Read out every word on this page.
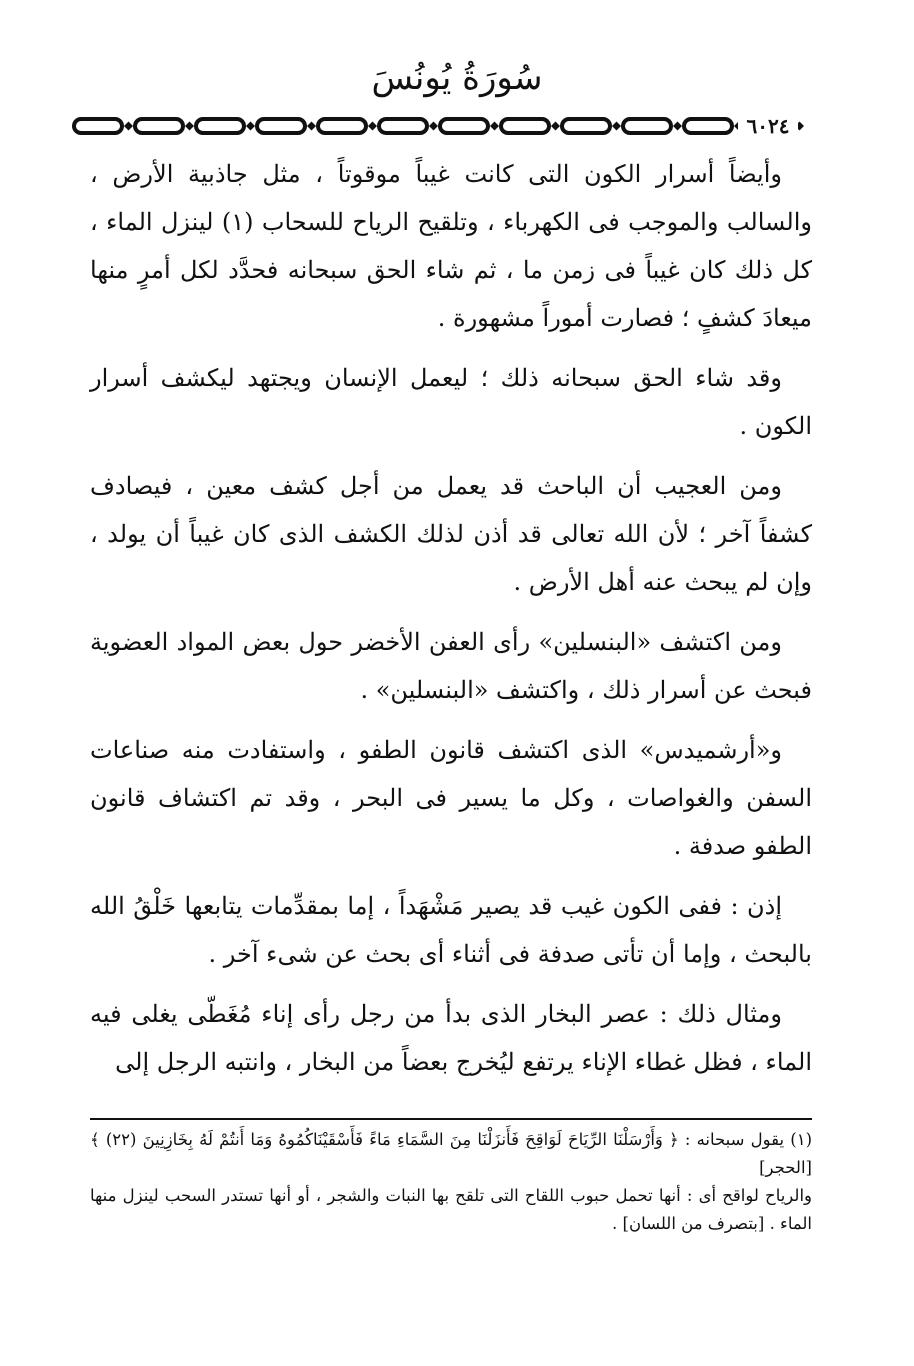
سُورَةُ يُونُسَ
٦٠٢٤

وأيضاً أسرار الكون التى كانت غيباً موقوتاً ، مثل جاذبية الأرض ، والسالب والموجب فى الكهرباء ، وتلقيح الرياح للسحاب (١) لينزل الماء ، كل ذلك كان غيباً فى زمن ما ، ثم شاء الحق سبحانه فحدَّد لكل أمرٍ منها ميعادَ كشفٍ ؛ فصارت أموراً مشهورة .

وقد شاء الحق سبحانه ذلك ؛ ليعمل الإنسان ويجتهد ليكشف أسرار الكون .

ومن العجيب أن الباحث قد يعمل من أجل كشف معين ، فيصادف كشفاً آخر ؛ لأن الله تعالى قد أذن لذلك الكشف الذى كان غيباً أن يولد ، وإن لم يبحث عنه أهل الأرض .

ومن اكتشف «البنسلين» رأى العفن الأخضر حول بعض المواد العضوية فبحث عن أسرار ذلك ، واكتشف «البنسلين» .

و«أرشميدس» الذى اكتشف قانون الطفو ، واستفادت منه صناعات السفن والغواصات ، وكل ما يسير فى البحر ، وقد تم اكتشاف قانون الطفو صدفة .

إذن : ففى الكون غيب قد يصير مَشْهَداً ، إما بمقدِّمات يتابعها خَلْقُ الله بالبحث ، وإما أن تأتى صدفة فى أثناء أى بحث عن شىء آخر .

ومثال ذلك : عصر البخار الذى بدأ من رجل رأى إناء مُغَطّى يغلى فيه الماء ، فظل غطاء الإناء يرتفع ليُخرج بعضاً من البخار ، وانتبه الرجل إلى

(١) يقول سبحانه : ﴿ وَأَرْسَلْنَا الرِّيَاحَ لَوَاقِحَ فَأَنزَلْنَا مِنَ السَّمَاءِ مَاءً فَأَسْقَيْنَاكُمُوهُ وَمَا أَنتُمْ لَهُ بِخَازِنِينَ (٢٢) ﴾ [الحجر]

والرياح لواقح أى : أنها تحمل حبوب اللقاح التى تلقح بها النبات والشجر ، أو أنها تستدر السحب لينزل منها الماء . [بتصرف من اللسان] .
